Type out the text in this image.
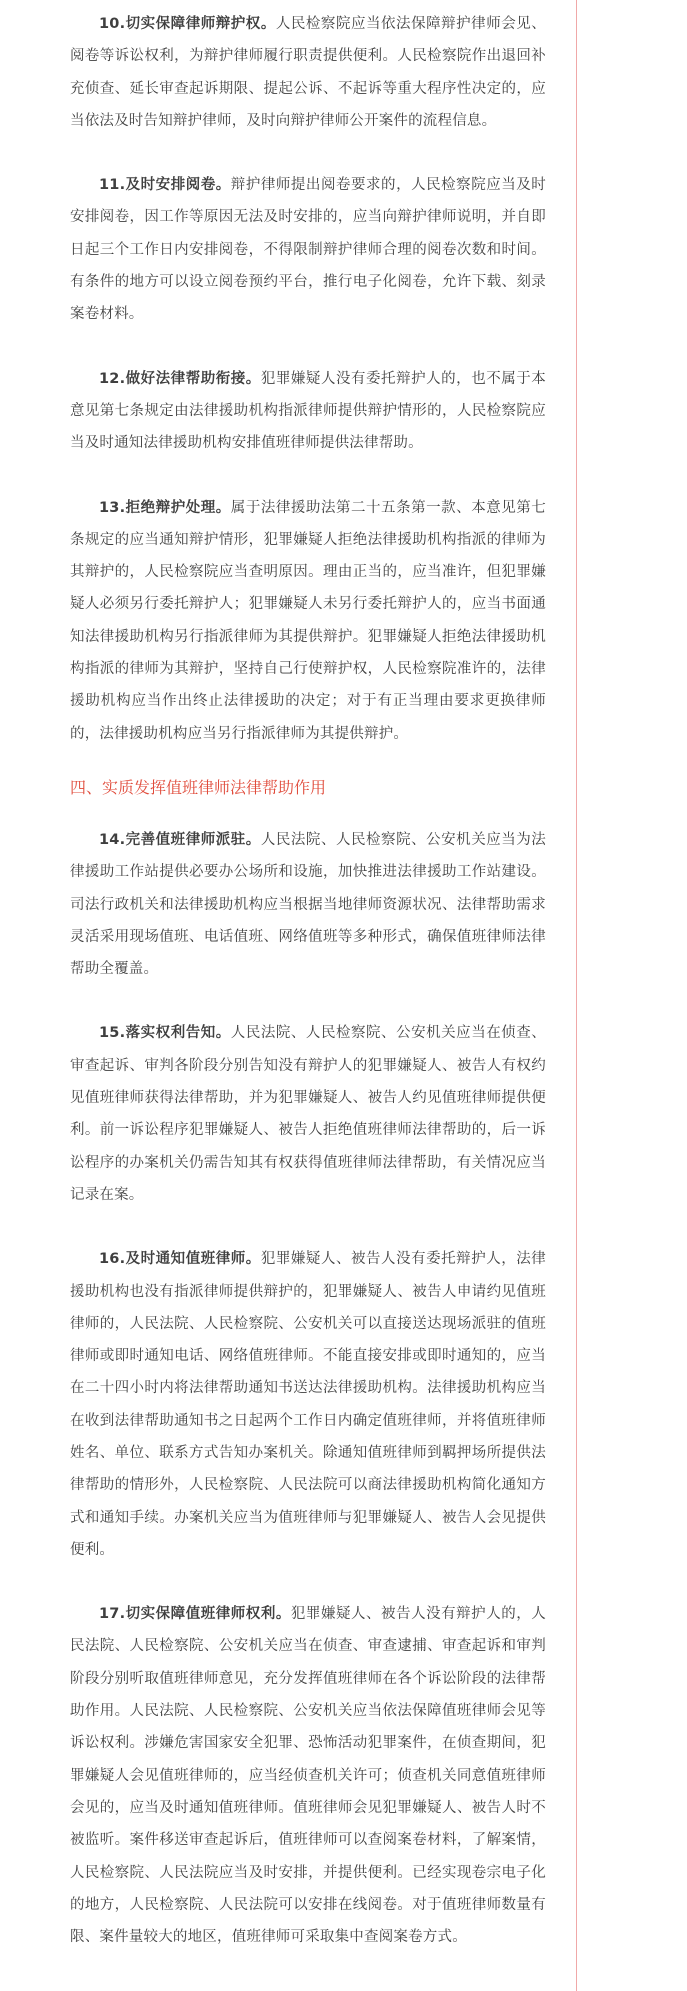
10.切实保障律师辩护权。人民检察院应当依法保障辩护律师会见、阅卷等诉讼权利，为辩护律师履行职责提供便利。人民检察院作出退回补充侦查、延长审查起诉期限、提起公诉、不起诉等重大程序性决定的，应当依法及时告知辩护律师，及时向辩护律师公开案件的流程信息。

11.及时安排阅卷。辩护律师提出阅卷要求的，人民检察院应当及时安排阅卷，因工作等原因无法及时安排的，应当向辩护律师说明，并自即日起三个工作日内安排阅卷，不得限制辩护律师合理的阅卷次数和时间。有条件的地方可以设立阅卷预约平台，推行电子化阅卷，允许下载、刻录案卷材料。

12.做好法律帮助衔接。犯罪嫌疑人没有委托辩护人的，也不属于本意见第七条规定由法律援助机构指派律师提供辩护情形的，人民检察院应当及时通知法律援助机构安排值班律师提供法律帮助。

13.拒绝辩护处理。属于法律援助法第二十五条第一款、本意见第七条规定的应当通知辩护情形，犯罪嫌疑人拒绝法律援助机构指派的律师为其辩护的，人民检察院应当查明原因。理由正当的，应当准许，但犯罪嫌疑人必须另行委托辩护人；犯罪嫌疑人未另行委托辩护人的，应当书面通知法律援助机构另行指派律师为其提供辩护。犯罪嫌疑人拒绝法律援助机构指派的律师为其辩护，坚持自己行使辩护权，人民检察院准许的，法律援助机构应当作出终止法律援助的决定；对于有正当理由要求更换律师的，法律援助机构应当另行指派律师为其提供辩护。

四、实质发挥值班律师法律帮助作用

14.完善值班律师派驻。人民法院、人民检察院、公安机关应当为法律援助工作站提供必要办公场所和设施，加快推进法律援助工作站建设。司法行政机关和法律援助机构应当根据当地律师资源状况、法律帮助需求灵活采用现场值班、电话值班、网络值班等多种形式，确保值班律师法律帮助全覆盖。

15.落实权利告知。人民法院、人民检察院、公安机关应当在侦查、审查起诉、审判各阶段分别告知没有辩护人的犯罪嫌疑人、被告人有权约见值班律师获得法律帮助，并为犯罪嫌疑人、被告人约见值班律师提供便利。前一诉讼程序犯罪嫌疑人、被告人拒绝值班律师法律帮助的，后一诉讼程序的办案机关仍需告知其有权获得值班律师法律帮助，有关情况应当记录在案。

16.及时通知值班律师。犯罪嫌疑人、被告人没有委托辩护人，法律援助机构也没有指派律师提供辩护的，犯罪嫌疑人、被告人申请约见值班律师的，人民法院、人民检察院、公安机关可以直接送达现场派驻的值班律师或即时通知电话、网络值班律师。不能直接安排或即时通知的，应当在二十四小时内将法律帮助通知书送达法律援助机构。法律援助机构应当在收到法律帮助通知书之日起两个工作日内确定值班律师，并将值班律师姓名、单位、联系方式告知办案机关。除通知值班律师到羁押场所提供法律帮助的情形外，人民检察院、人民法院可以商法律援助机构简化通知方式和通知手续。办案机关应当为值班律师与犯罪嫌疑人、被告人会见提供便利。

17.切实保障值班律师权利。犯罪嫌疑人、被告人没有辩护人的，人民法院、人民检察院、公安机关应当在侦查、审查逮捕、审查起诉和审判阶段分别听取值班律师意见，充分发挥值班律师在各个诉讼阶段的法律帮助作用。人民法院、人民检察院、公安机关应当依法保障值班律师会见等诉讼权利。涉嫌危害国家安全犯罪、恐怖活动犯罪案件，在侦查期间，犯罪嫌疑人会见值班律师的，应当经侦查机关许可；侦查机关同意值班律师会见的，应当及时通知值班律师。值班律师会见犯罪嫌疑人、被告人时不被监听。案件移送审查起诉后，值班律师可以查阅案卷材料，了解案情，人民检察院、人民法院应当及时安排，并提供便利。已经实现卷宗电子化的地方，人民检察院、人民法院可以安排在线阅卷。对于值班律师数量有限、案件量较大的地区，值班律师可采取集中查阅案卷方式。
